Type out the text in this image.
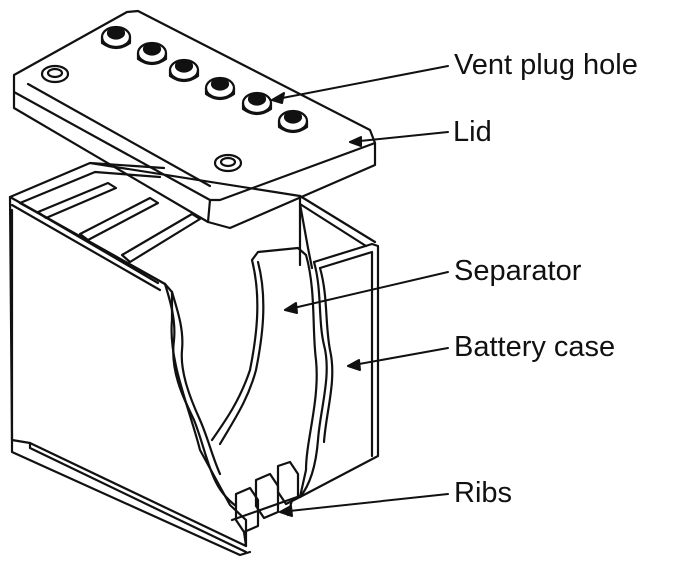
Vent plug hole
Lid
Separator
Battery case
Ribs
